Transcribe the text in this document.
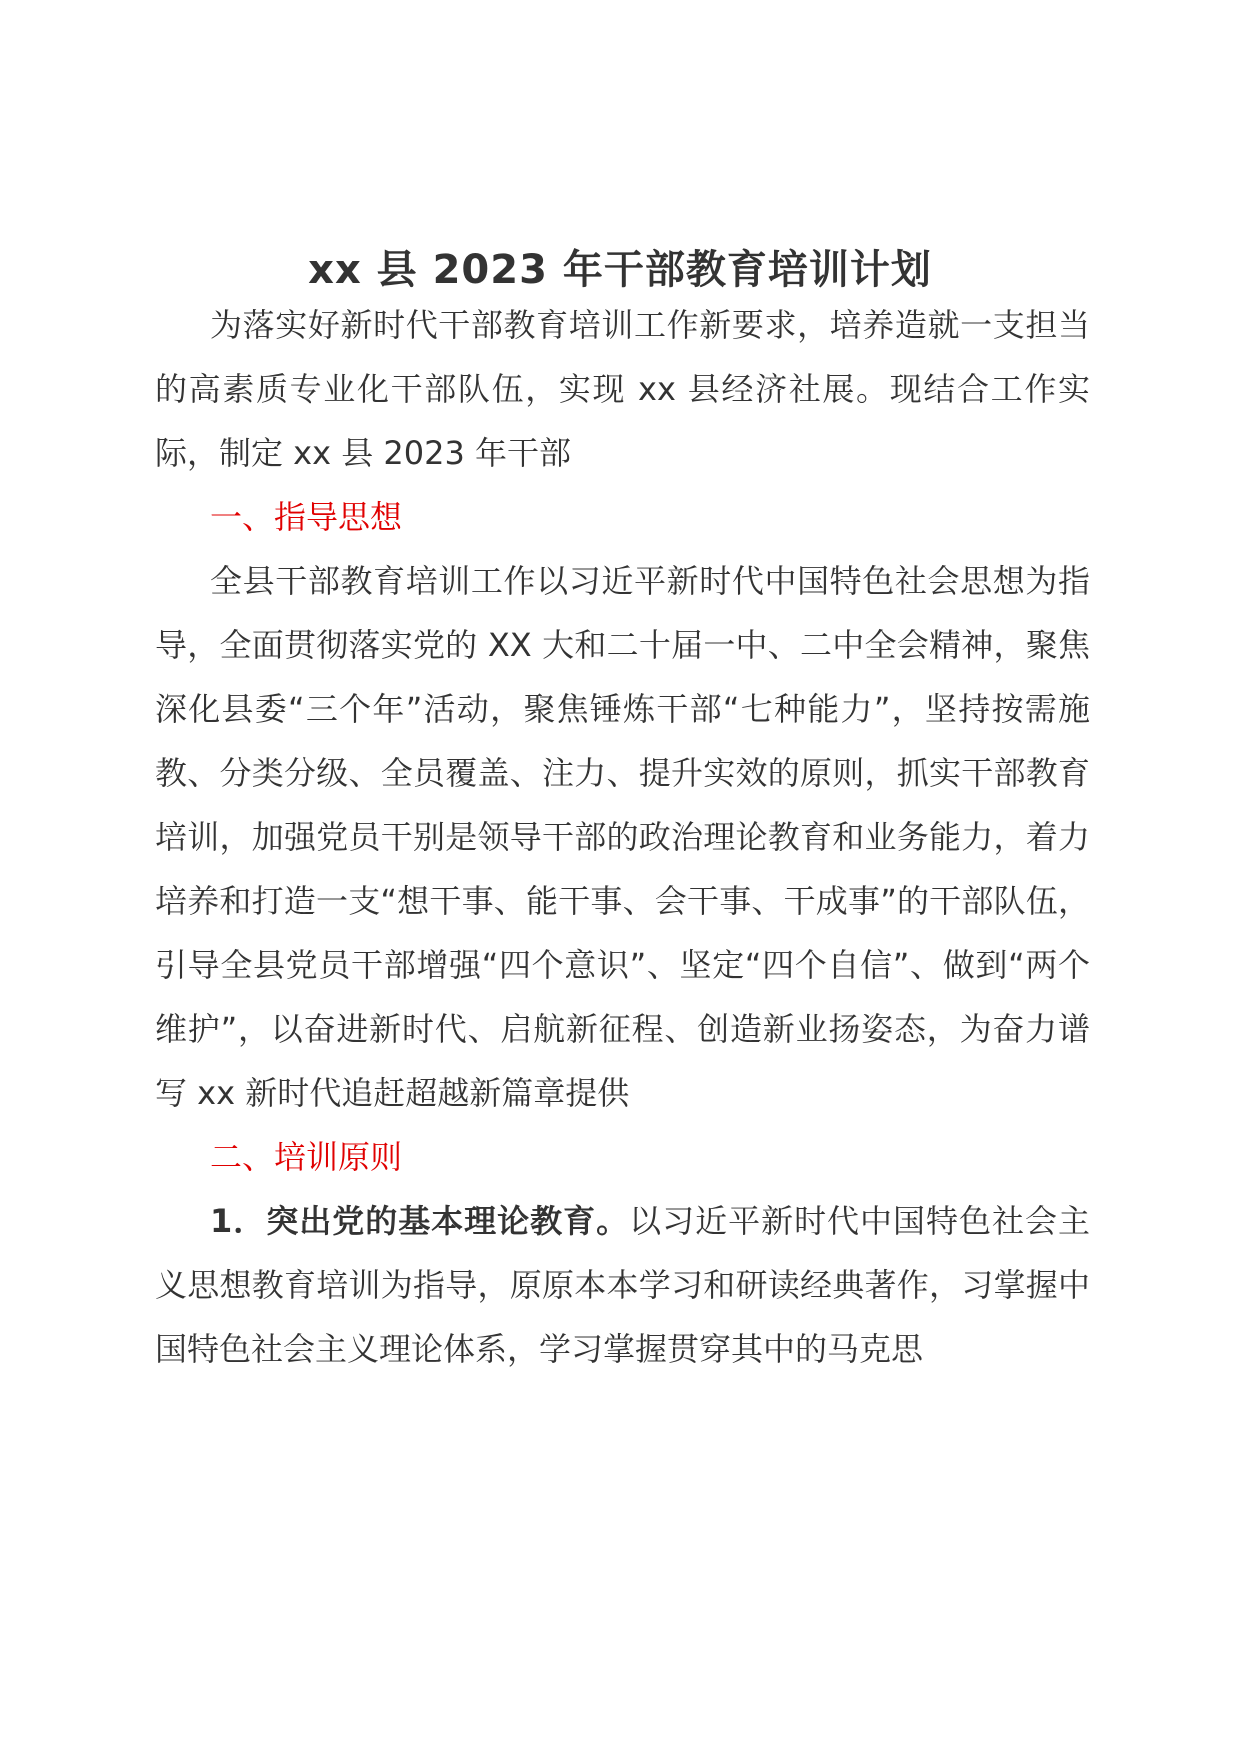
xx 县 2023 年干部教育培训计划

为落实好新时代干部教育培训工作新要求，培养造就一支担当的高素质专业化干部队伍，实现 xx 县经济社展。现结合工作实际，制定 xx 县 2023 年干部

一、指导思想

全县干部教育培训工作以习近平新时代中国特色社会思想为指导，全面贯彻落实党的 XX 大和二十届一中、二中全会精神，聚焦深化县委“三个年”活动，聚焦锤炼干部“七种能力”，坚持按需施教、分类分级、全员覆盖、注力、提升实效的原则，抓实干部教育培训，加强党员干别是领导干部的政治理论教育和业务能力，着力培养和打造一支“想干事、能干事、会干事、干成事”的干部队伍，引导全县党员干部增强“四个意识”、坚定“四个自信”、做到“两个维护”，以奋进新时代、启航新征程、创造新业扬姿态，为奋力谱写 xx 新时代追赶超越新篇章提供

二、培训原则

1．突出党的基本理论教育。以习近平新时代中国特色社会主义思想教育培训为指导，原原本本学习和研读经典著作，习掌握中国特色社会主义理论体系，学习掌握贯穿其中的马克思
